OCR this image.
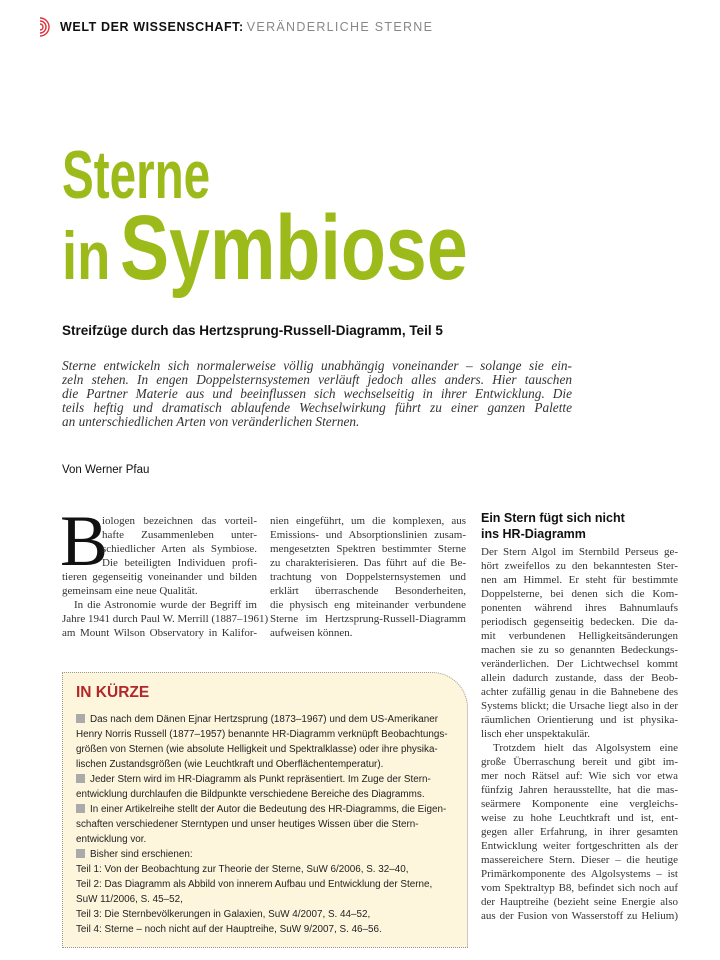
WELT DER WISSENSCHAFT: VERÄNDERLICHE STERNE
Sterne
in Symbiose
Streifzüge durch das Hertzsprung-Russell-Diagramm, Teil 5
Sterne entwickeln sich normalerweise völlig unabhängig voneinander – solange sie ein-
zeln stehen. In engen Doppelsternsystemen verläuft jedoch alles anders. Hier tauschen
die Partner Materie aus und beeinflussen sich wechselseitig in ihrer Entwicklung. Die
teils heftig und dramatisch ablaufende Wechselwirkung führt zu einer ganzen Palette
an unterschiedlichen Arten von veränderlichen Sternen.
Von Werner Pfau
B
iologen bezeichnen das vorteil-
hafte Zusammenleben unter-
schiedlicher Arten als Symbiose.
Die beteiligten Individuen profi-
tieren gegenseitig voneinander und bilden
gemeinsam eine neue Qualität.
In die Astronomie wurde der Begriff im
Jahre 1941 durch Paul W. Merrill (1887–1961)
am Mount Wilson Observatory in Kalifor-
nien eingeführt, um die komplexen, aus
Emissions- und Absorptionslinien zusam-
mengesetzten Spektren bestimmter Sterne
zu charakterisieren. Das führt auf die Be-
trachtung von Doppelsternsystemen und
erklärt überraschende Besonderheiten,
die physisch eng miteinander verbundene
Sterne im Hertzsprung-Russell-Diagramm
aufweisen können.
Ein Stern fügt sich nicht
ins HR-Diagramm
Der Stern Algol im Sternbild Perseus ge-
hört zweifellos zu den bekanntesten Ster-
nen am Himmel. Er steht für bestimmte
Doppelsterne, bei denen sich die Kom-
ponenten während ihres Bahnumlaufs
periodisch gegenseitig bedecken. Die da-
mit verbundenen Helligkeitsänderungen
machen sie zu so genannten Bedeckungs-
veränderlichen. Der Lichtwechsel kommt
allein dadurch zustande, dass der Beob-
achter zufällig genau in die Bahnebene des
Systems blickt; die Ursache liegt also in der
räumlichen Orientierung und ist physika-
lisch eher unspektakulär.
Trotzdem hielt das Algolsystem eine
große Überraschung bereit und gibt im-
mer noch Rätsel auf: Wie sich vor etwa
fünfzig Jahren herausstellte, hat die mas-
seärmere Komponente eine vergleichs-
weise zu hohe Leuchtkraft und ist, ent-
gegen aller Erfahrung, in ihrer gesamten
Entwicklung weiter fortgeschritten als der
massereichere Stern. Dieser – die heutige
Primärkomponente des Algolsystems – ist
vom Spektraltyp B8, befindet sich noch auf
der Hauptreihe (bezieht seine Energie also
aus der Fusion von Wasserstoff zu Helium)
IN KÜRZE
Das nach dem Dänen Ejnar Hertzsprung (1873–1967) und dem US-Amerikaner
Henry Norris Russell (1877–1957) benannte HR-Diagramm verknüpft Beobachtungs-
größen von Sternen (wie absolute Helligkeit und Spektralklasse) oder ihre physika-
lischen Zustandsgrößen (wie Leuchtkraft und Oberflächentemperatur).
Jeder Stern wird im HR-Diagramm als Punkt repräsentiert. Im Zuge der Stern-
entwicklung durchlaufen die Bildpunkte verschiedene Bereiche des Diagramms.
In einer Artikelreihe stellt der Autor die Bedeutung des HR-Diagramms, die Eigen-
schaften verschiedener Sterntypen und unser heutiges Wissen über die Stern-
entwicklung vor.
Bisher sind erschienen:
Teil 1: Von der Beobachtung zur Theorie der Sterne, SuW 6/2006, S. 32–40,
Teil 2: Das Diagramm als Abbild von innerem Aufbau und Entwicklung der Sterne,
SuW 11/2006, S. 45–52,
Teil 3: Die Sternbevölkerungen in Galaxien, SuW 4/2007, S. 44–52,
Teil 4: Sterne – noch nicht auf der Hauptreihe, SuW 9/2007, S. 46–56.
